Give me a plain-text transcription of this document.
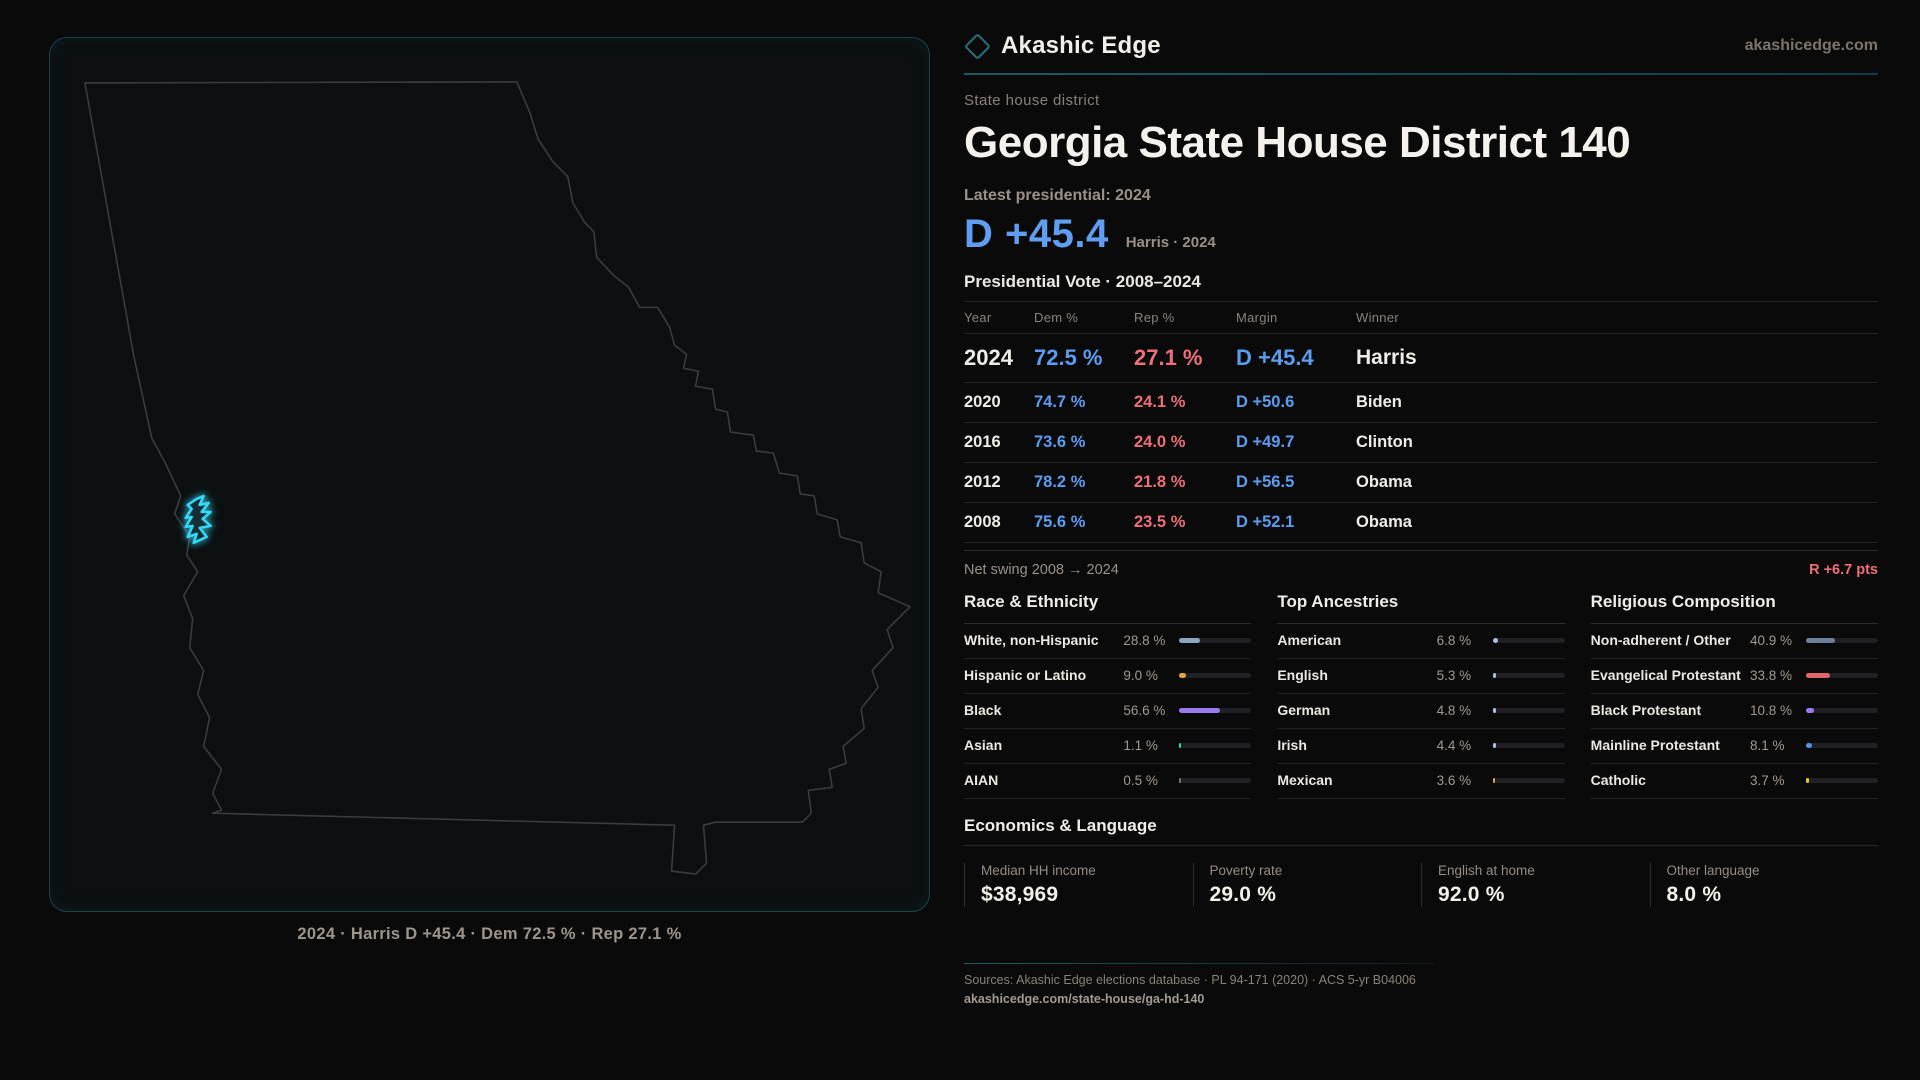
2024 · Harris D +45.4 · Dem 72.5 % · Rep 27.1 %
Akashic Edge	akashicedge.com
State house district
Georgia State House District 140
Latest presidential: 2024
D +45.4 Harris · 2024
Presidential Vote · 2008–2024
Year	Dem %	Rep %	Margin	Winner
2024 72.5 %	27.1 %	D +45.4	Harris
2020	74.7 %	24.1 %	D +50.6	Biden
2016	73.6 %	24.0 %	D +49.7	Clinton
2012	78.2 %	21.8 %	D +56.5	Obama
2008	75.6 %	23.5 %	D +52.1	Obama
Net swing 2008 → 2024	R +6.7 pts
Race & Ethnicity
White, non-Hispanic	28.8 %
Hispanic or Latino	9.0 %
Black	56.6 %
Asian	1.1 %
AIAN	0.5 %
Top Ancestries
American	6.8 %
English	5.3 %
German	4.8 %
Irish	4.4 %
Mexican	3.6 %
Religious Composition
Non-adherent / Other	40.9 %
Evangelical Protestant 33.8 %
Black Protestant	10.8 %
Mainline Protestant	8.1 %
Catholic	3.7 %
Economics & Language
Median HH income
$38,969
Poverty rate
29.0 %
English at home
92.0 %
Other language
8.0 %
Sources: Akashic Edge elections database · PL 94-171 (2020) · ACS 5-yr B04006
akashicedge.com/state-house/ga-hd-140
